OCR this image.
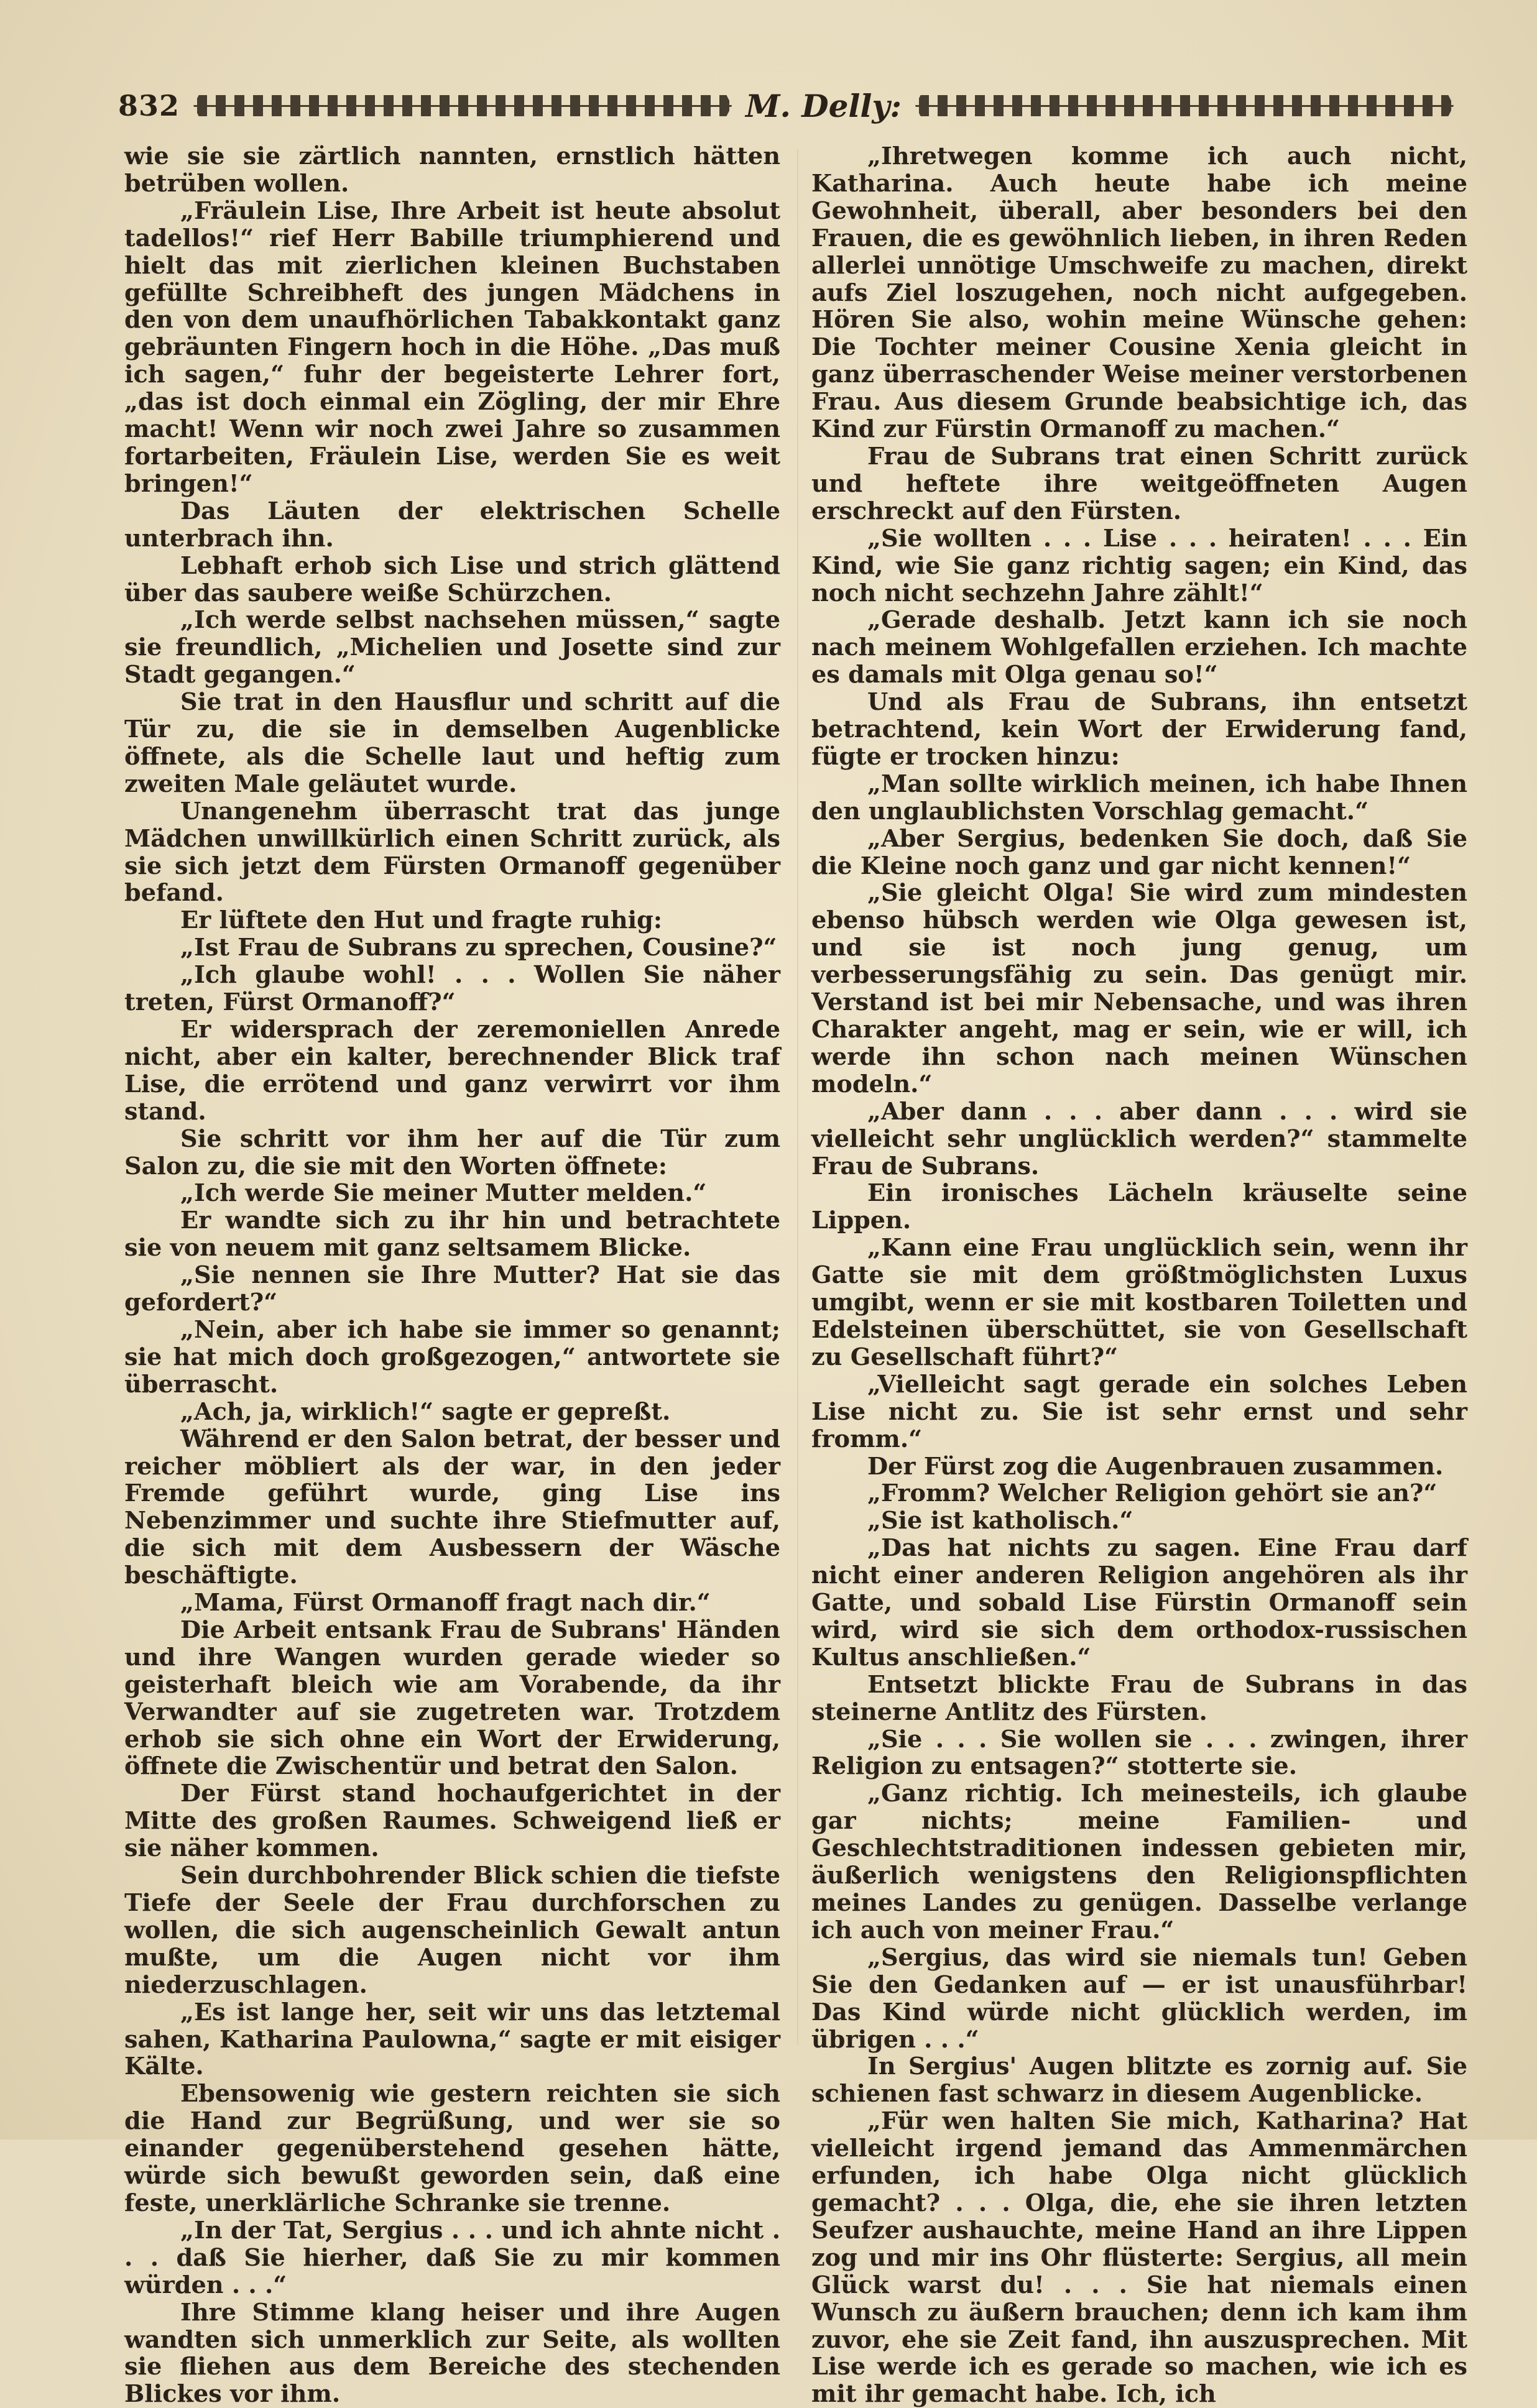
832	M. Delly:

wie sie sie zärtlich nannten, ernstlich hätten betrüben wollen.

„Fräulein Lise, Ihre Arbeit ist heute absolut tadellos!“ rief Herr Babille triumphierend und hielt das mit zierlichen kleinen Buchstaben gefüllte Schreibheft des jungen Mädchens in den von dem unaufhörlichen Tabakkontakt ganz gebräunten Fingern hoch in die Höhe. „Das muß ich sagen,“ fuhr der begeisterte Lehrer fort, „das ist doch einmal ein Zögling, der mir Ehre macht! Wenn wir noch zwei Jahre so zusammen fortarbeiten, Fräulein Lise, werden Sie es weit bringen!“

Das Läuten der elektrischen Schelle unterbrach ihn.

Lebhaft erhob sich Lise und strich glättend über das saubere weiße Schürzchen.

„Ich werde selbst nachsehen müssen,“ sagte sie freundlich, „Michelien und Josette sind zur Stadt gegangen.“

Sie trat in den Hausflur und schritt auf die Tür zu, die sie in demselben Augenblicke öffnete, als die Schelle laut und heftig zum zweiten Male geläutet wurde.

Unangenehm überrascht trat das junge Mädchen unwillkürlich einen Schritt zurück, als sie sich jetzt dem Fürsten Ormanoff gegenüber befand.

Er lüftete den Hut und fragte ruhig:

„Ist Frau de Subrans zu sprechen, Cousine?“

„Ich glaube wohl! . . . Wollen Sie näher treten, Fürst Ormanoff?“

Er widersprach der zeremoniellen Anrede nicht, aber ein kalter, berechnender Blick traf Lise, die errötend und ganz verwirrt vor ihm stand.

Sie schritt vor ihm her auf die Tür zum Salon zu, die sie mit den Worten öffnete:

„Ich werde Sie meiner Mutter melden.“

Er wandte sich zu ihr hin und betrachtete sie von neuem mit ganz seltsamem Blicke.

„Sie nennen sie Ihre Mutter? Hat sie das gefordert?“

„Nein, aber ich habe sie immer so genannt; sie hat mich doch großgezogen,“ antwortete sie überrascht.

„Ach, ja, wirklich!“ sagte er gepreßt.

Während er den Salon betrat, der besser und reicher möbliert als der war, in den jeder Fremde geführt wurde, ging Lise ins Nebenzimmer und suchte ihre Stiefmutter auf, die sich mit dem Ausbessern der Wäsche beschäftigte.

„Mama, Fürst Ormanoff fragt nach dir.“

Die Arbeit entsank Frau de Subrans' Händen und ihre Wangen wurden gerade wieder so geisterhaft bleich wie am Vorabende, da ihr Verwandter auf sie zugetreten war. Trotzdem erhob sie sich ohne ein Wort der Erwiderung, öffnete die Zwischentür und betrat den Salon.

Der Fürst stand hochaufgerichtet in der Mitte des großen Raumes. Schweigend ließ er sie näher kommen.

Sein durchbohrender Blick schien die tiefste Tiefe der Seele der Frau durchforschen zu wollen, die sich augenscheinlich Gewalt antun mußte, um die Augen nicht vor ihm niederzuschlagen.

„Es ist lange her, seit wir uns das letztemal sahen, Katharina Paulowna,“ sagte er mit eisiger Kälte.

Ebensowenig wie gestern reichten sie sich die Hand zur Begrüßung, und wer sie so einander gegenüberstehend gesehen hätte, würde sich bewußt geworden sein, daß eine feste, unerklärliche Schranke sie trenne.

„In der Tat, Sergius . . . und ich ahnte nicht . . . daß Sie hierher, daß Sie zu mir kommen würden . . .“

Ihre Stimme klang heiser und ihre Augen wandten sich unmerklich zur Seite, als wollten sie fliehen aus dem Bereiche des stechenden Blickes vor ihm.

„Ihretwegen komme ich auch nicht, Katharina. Auch heute habe ich meine Gewohnheit, überall, aber besonders bei den Frauen, die es gewöhnlich lieben, in ihren Reden allerlei unnötige Umschweife zu machen, direkt aufs Ziel loszugehen, noch nicht aufgegeben. Hören Sie also, wohin meine Wünsche gehen: Die Tochter meiner Cousine Xenia gleicht in ganz überraschender Weise meiner verstorbenen Frau. Aus diesem Grunde beabsichtige ich, das Kind zur Fürstin Ormanoff zu machen.“

Frau de Subrans trat einen Schritt zurück und heftete ihre weitgeöffneten Augen erschreckt auf den Fürsten.

„Sie wollten . . . Lise . . . heiraten! . . . Ein Kind, wie Sie ganz richtig sagen; ein Kind, das noch nicht sechzehn Jahre zählt!“

„Gerade deshalb. Jetzt kann ich sie noch nach meinem Wohlgefallen erziehen. Ich machte es damals mit Olga genau so!“

Und als Frau de Subrans, ihn entsetzt betrachtend, kein Wort der Erwiderung fand, fügte er trocken hinzu:

„Man sollte wirklich meinen, ich habe Ihnen den unglaublichsten Vorschlag gemacht.“

„Aber Sergius, bedenken Sie doch, daß Sie die Kleine noch ganz und gar nicht kennen!“

„Sie gleicht Olga! Sie wird zum mindesten ebenso hübsch werden wie Olga gewesen ist, und sie ist noch jung genug, um verbesserungsfähig zu sein. Das genügt mir. Verstand ist bei mir Nebensache, und was ihren Charakter angeht, mag er sein, wie er will, ich werde ihn schon nach meinen Wünschen modeln.“

„Aber dann . . . aber dann . . . wird sie vielleicht sehr unglücklich werden?“ stammelte Frau de Subrans.

Ein ironisches Lächeln kräuselte seine Lippen.

„Kann eine Frau unglücklich sein, wenn ihr Gatte sie mit dem größtmöglichsten Luxus umgibt, wenn er sie mit kostbaren Toiletten und Edelsteinen überschüttet, sie von Gesellschaft zu Gesellschaft führt?“

„Vielleicht sagt gerade ein solches Leben Lise nicht zu. Sie ist sehr ernst und sehr fromm.“

Der Fürst zog die Augenbrauen zusammen.

„Fromm? Welcher Religion gehört sie an?“

„Sie ist katholisch.“

„Das hat nichts zu sagen. Eine Frau darf nicht einer anderen Religion angehören als ihr Gatte, und sobald Lise Fürstin Ormanoff sein wird, wird sie sich dem orthodox-russischen Kultus anschließen.“

Entsetzt blickte Frau de Subrans in das steinerne Antlitz des Fürsten.

„Sie . . . Sie wollen sie . . . zwingen, ihrer Religion zu entsagen?“ stotterte sie.

„Ganz richtig. Ich meinesteils, ich glaube gar nichts; meine Familien- und Geschlechtstraditionen indessen gebieten mir, äußerlich wenigstens den Religionspflichten meines Landes zu genügen. Dasselbe verlange ich auch von meiner Frau.“

„Sergius, das wird sie niemals tun! Geben Sie den Gedanken auf — er ist unausführbar! Das Kind würde nicht glücklich werden, im übrigen . . .“

In Sergius' Augen blitzte es zornig auf. Sie schienen fast schwarz in diesem Augenblicke.

„Für wen halten Sie mich, Katharina? Hat vielleicht irgend jemand das Ammenmärchen erfunden, ich habe Olga nicht glücklich gemacht? . . . Olga, die, ehe sie ihren letzten Seufzer aushauchte, meine Hand an ihre Lippen zog und mir ins Ohr flüsterte: Sergius, all mein Glück warst du! . . . Sie hat niemals einen Wunsch zu äußern brauchen; denn ich kam ihm zuvor, ehe sie Zeit fand, ihn auszusprechen. Mit Lise werde ich es gerade so machen, wie ich es mit ihr gemacht habe. Ich, ich
